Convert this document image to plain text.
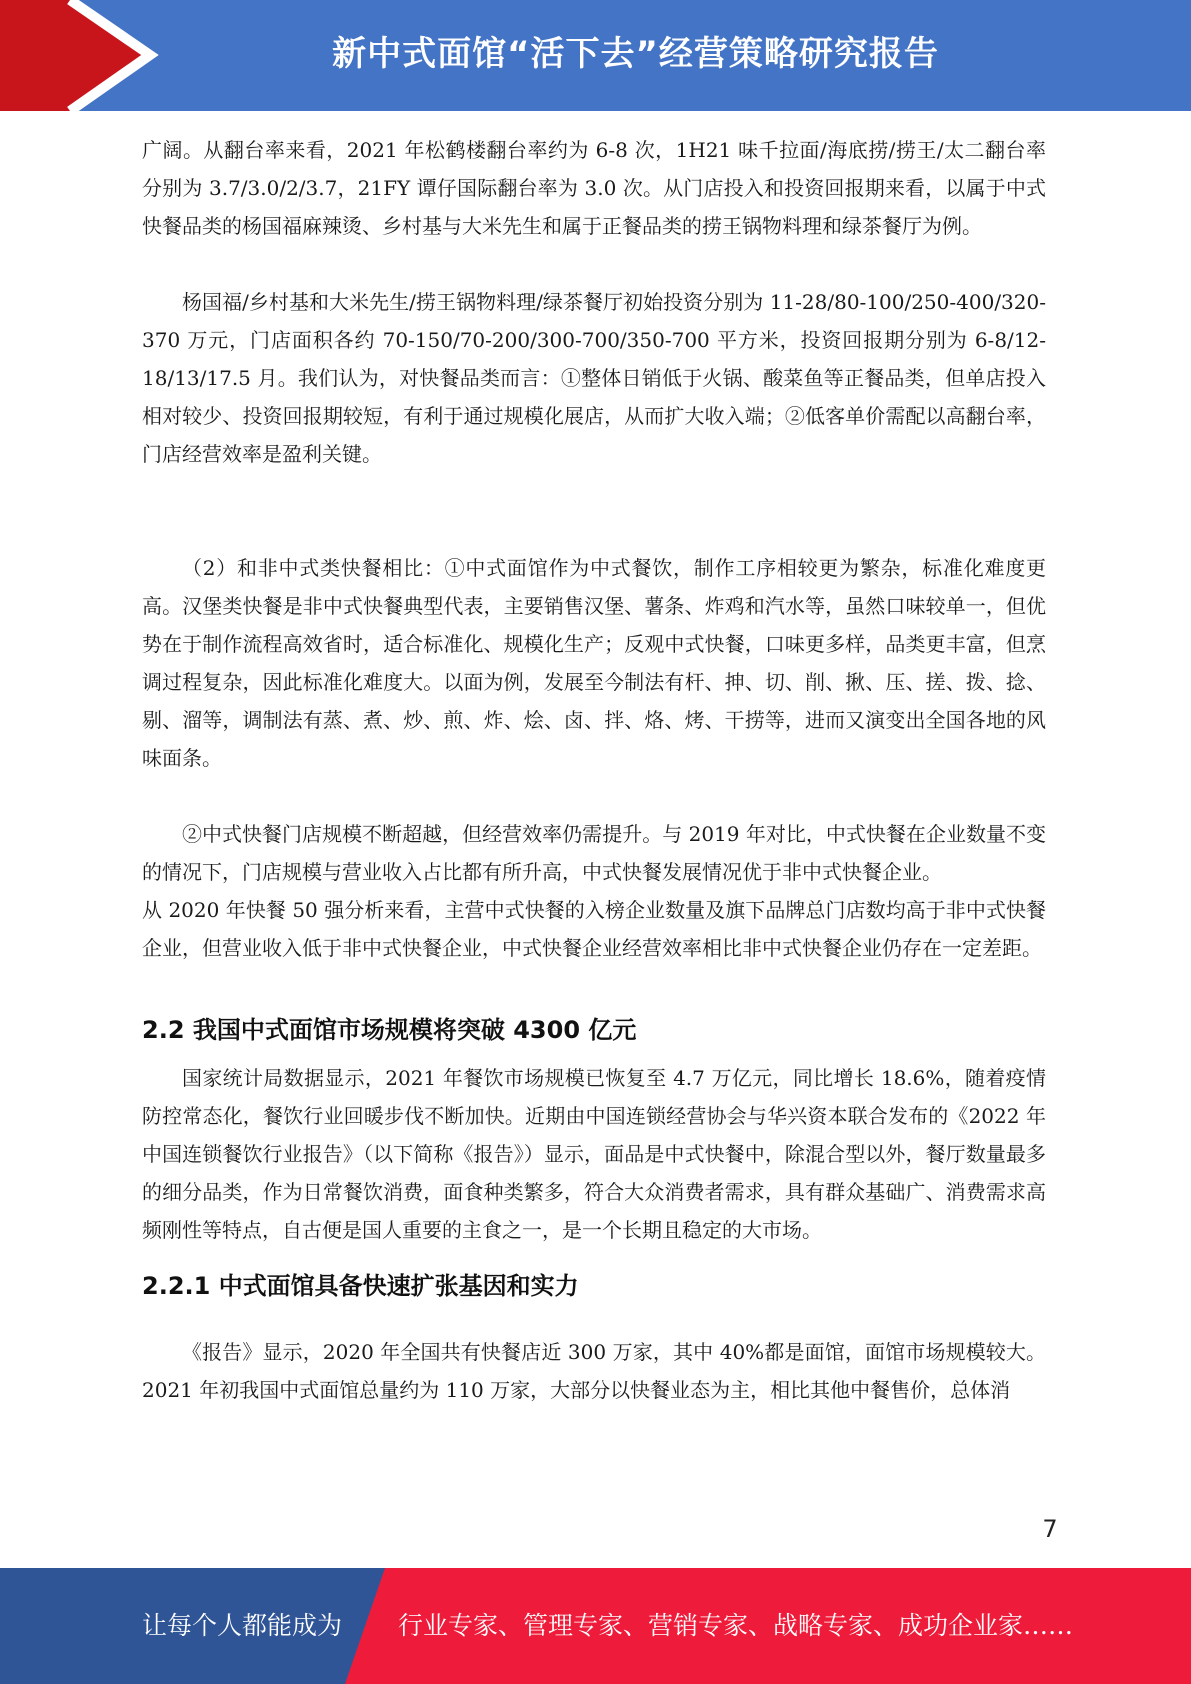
新中式面馆“活下去”经营策略研究报告

广阔。从翻台率来看，2021 年松鹤楼翻台率约为 6-8 次，1H21 味千拉面/海底捞/捞王/太二翻台率分别为 3.7/3.0/2/3.7，21FY 谭仔国际翻台率为 3.0 次。从门店投入和投资回报期来看，以属于中式快餐品类的杨国福麻辣烫、乡村基与大米先生和属于正餐品类的捞王锅物料理和绿茶餐厅为例。

杨国福/乡村基和大米先生/捞王锅物料理/绿茶餐厅初始投资分别为 11-28/80-100/250-400/320-370 万元，门店面积各约 70-150/70-200/300-700/350-700 平方米，投资回报期分别为 6-8/12-18/13/17.5 月。我们认为，对快餐品类而言：①整体日销低于火锅、酸菜鱼等正餐品类，但单店投入相对较少、投资回报期较短，有利于通过规模化展店，从而扩大收入端；②低客单价需配以高翻台率，门店经营效率是盈利关键。

（2）和非中式类快餐相比：①中式面馆作为中式餐饮，制作工序相较更为繁杂，标准化难度更高。汉堡类快餐是非中式快餐典型代表，主要销售汉堡、薯条、炸鸡和汽水等，虽然口味较单一，但优势在于制作流程高效省时，适合标准化、规模化生产；反观中式快餐，口味更多样，品类更丰富，但烹调过程复杂，因此标准化难度大。以面为例，发展至今制法有杆、抻、切、削、揪、压、搓、拨、捻、剔、溜等，调制法有蒸、煮、炒、煎、炸、烩、卤、拌、烙、烤、干捞等，进而又演变出全国各地的风味面条。

②中式快餐门店规模不断超越，但经营效率仍需提升。与 2019 年对比，中式快餐在企业数量不变的情况下，门店规模与营业收入占比都有所升高，中式快餐发展情况优于非中式快餐企业。

从 2020 年快餐 50 强分析来看，主营中式快餐的入榜企业数量及旗下品牌总门店数均高于非中式快餐企业，但营业收入低于非中式快餐企业，中式快餐企业经营效率相比非中式快餐企业仍存在一定差距。

2.2 我国中式面馆市场规模将突破 4300 亿元

国家统计局数据显示，2021 年餐饮市场规模已恢复至 4.7 万亿元，同比增长 18.6%，随着疫情防控常态化，餐饮行业回暖步伐不断加快。近期由中国连锁经营协会与华兴资本联合发布的《2022 年中国连锁餐饮行业报告》（以下简称《报告》）显示，面品是中式快餐中，除混合型以外，餐厅数量最多的细分品类，作为日常餐饮消费，面食种类繁多，符合大众消费者需求，具有群众基础广、消费需求高频刚性等特点，自古便是国人重要的主食之一，是一个长期且稳定的大市场。

2.2.1 中式面馆具备快速扩张基因和实力

《报告》显示，2020 年全国共有快餐店近 300 万家，其中 40%都是面馆，面馆市场规模较大。2021 年初我国中式面馆总量约为 110 万家，大部分以快餐业态为主，相比其他中餐售价，总体消

7
让每个人都能成为 行业专家、管理专家、营销专家、战略专家、成功企业家……
